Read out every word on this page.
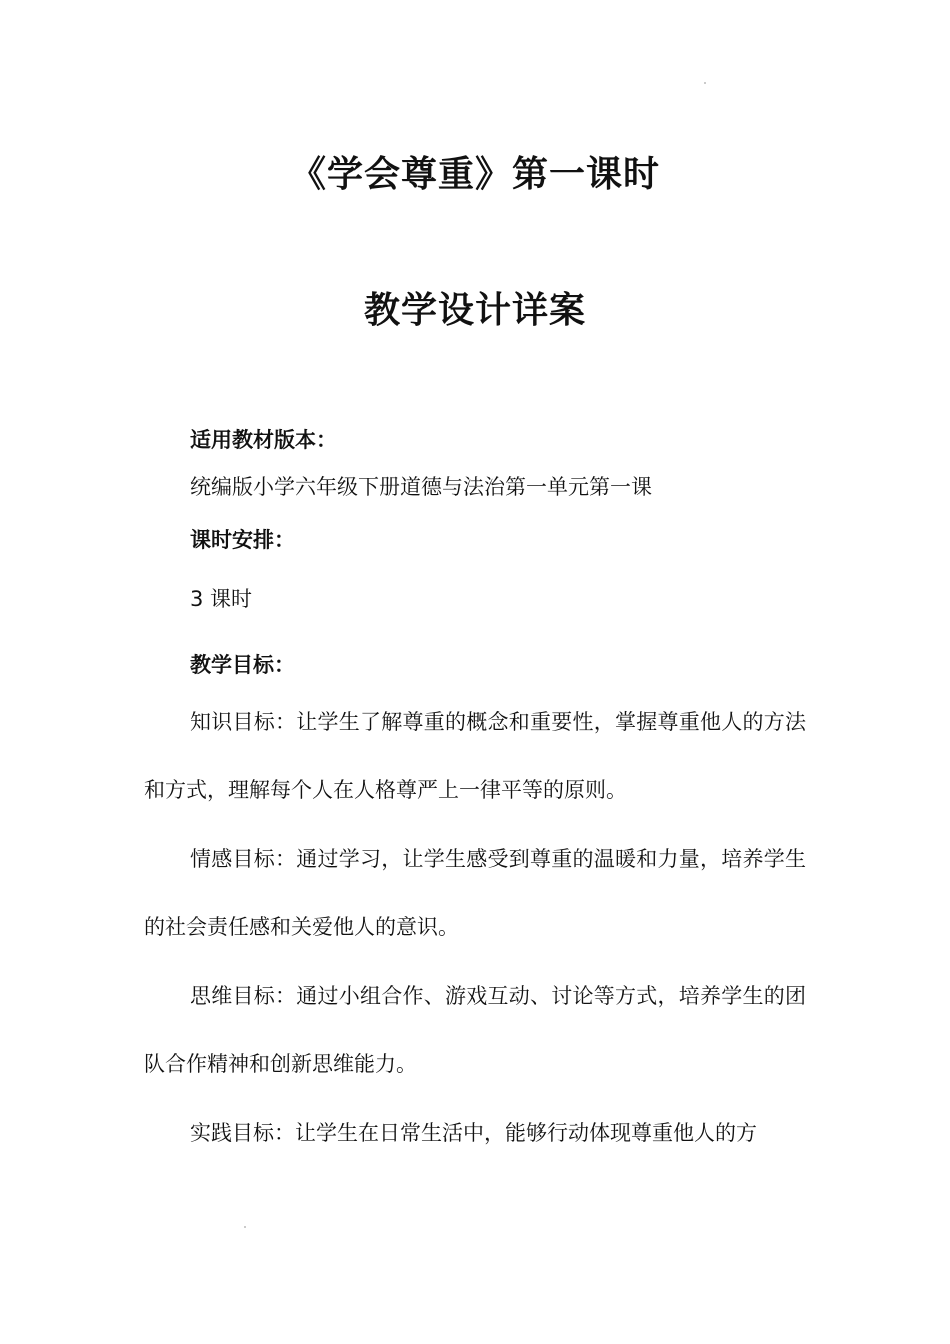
《学会尊重》第一课时
教学设计详案
适用教材版本：
统编版小学六年级下册道德与法治第一单元第一课
课时安排：
3 课时
教学目标：

知识目标：让学生了解尊重的概念和重要性，掌握尊重他人的方法和方式，理解每个人在人格尊严上一律平等的原则。

情感目标：通过学习，让学生感受到尊重的温暖和力量，培养学生的社会责任感和关爱他人的意识。

思维目标：通过小组合作、游戏互动、讨论等方式，培养学生的团队合作精神和创新思维能力。

实践目标：让学生在日常生活中，能够行动体现尊重他人的方
